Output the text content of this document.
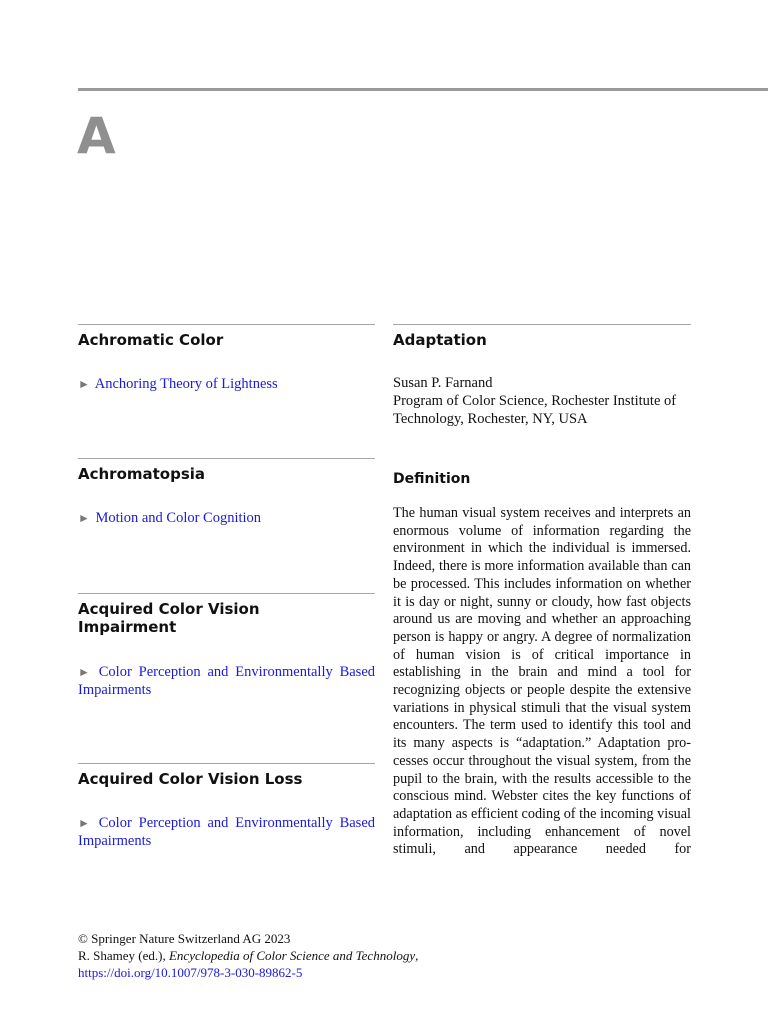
A
Achromatic Color
► Anchoring Theory of Lightness
Achromatopsia
► Motion and Color Cognition
Acquired Color Vision Impairment
► Color Perception and Environmentally Based Impairments
Acquired Color Vision Loss
► Color Perception and Environmentally Based Impairments
Adaptation
Susan P. Farnand
Program of Color Science, Rochester Institute of Technology, Rochester, NY, USA
Definition
The human visual system receives and interprets an enormous volume of information regarding the environment in which the individual is immersed. Indeed, there is more information available than can be processed. This includes information on whether it is day or night, sunny or cloudy, how fast objects around us are moving and whether an approaching person is happy or angry. A degree of normalization of human vision is of critical importance in establishing in the brain and mind a tool for recognizing objects or people despite the extensive variations in physical stimuli that the visual system encounters. The term used to identify this tool and its many aspects is “adaptation.” Adaptation processes occur throughout the visual system, from the pupil to the brain, with the results accessible to the conscious mind. Webster cites the key functions of adaptation as efficient coding of the incoming visual information, including enhancement of novel stimuli, and appearance needed for
© Springer Nature Switzerland AG 2023
R. Shamey (ed.), Encyclopedia of Color Science and Technology,
https://doi.org/10.1007/978-3-030-89862-5
